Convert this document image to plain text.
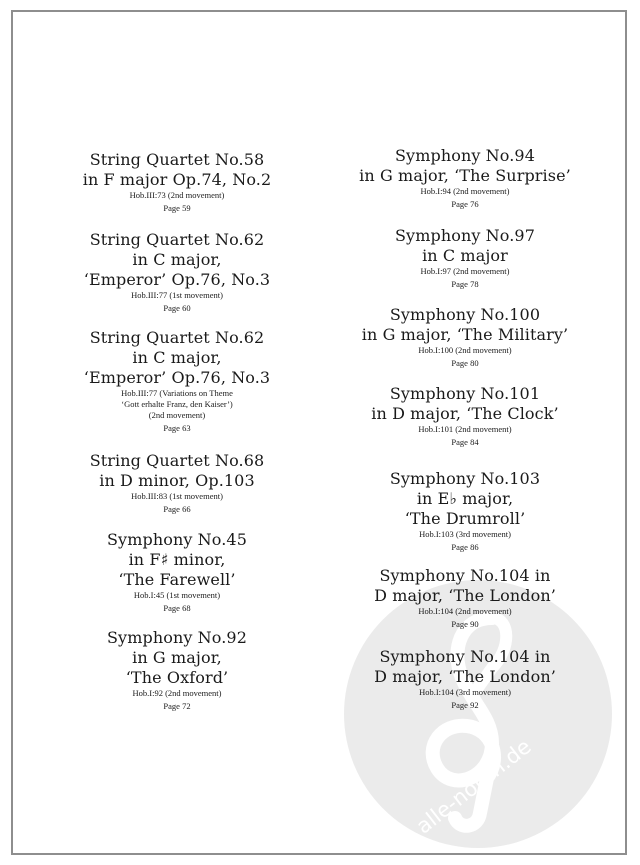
alle-noten.de
String Quartet No.58
in F major Op.74, No.2
Hob.III:73 (2nd movement)
Page 59
String Quartet No.62
in C major,
‘Emperor’ Op.76, No.3
Hob.III:77 (1st movement)
Page 60
String Quartet No.62
in C major,
‘Emperor’ Op.76, No.3
Hob.III:77 (Variations on Theme
‘Gott erhalte Franz, den Kaiser’)
(2nd movement)
Page 63
String Quartet No.68
in D minor, Op.103
Hob.III:83 (1st movement)
Page 66
Symphony No.45
in F♯ minor,
‘The Farewell’
Hob.I:45 (1st movement)
Page 68
Symphony No.92
in G major,
‘The Oxford’
Hob.I:92 (2nd movement)
Page 72
Symphony No.94
in G major, ‘The Surprise’
Hob.I:94 (2nd movement)
Page 76
Symphony No.97
in C major
Hob.I:97 (2nd movement)
Page 78
Symphony No.100
in G major, ‘The Military’
Hob.I:100 (2nd movement)
Page 80
Symphony No.101
in D major, ‘The Clock’
Hob.I:101 (2nd movement)
Page 84
Symphony No.103
in E♭ major,
‘The Drumroll’
Hob.I:103 (3rd movement)
Page 86
Symphony No.104 in
D major, ‘The London’
Hob.I:104 (2nd movement)
Page 90
Symphony No.104 in
D major, ‘The London’
Hob.I:104 (3rd movement)
Page 92
